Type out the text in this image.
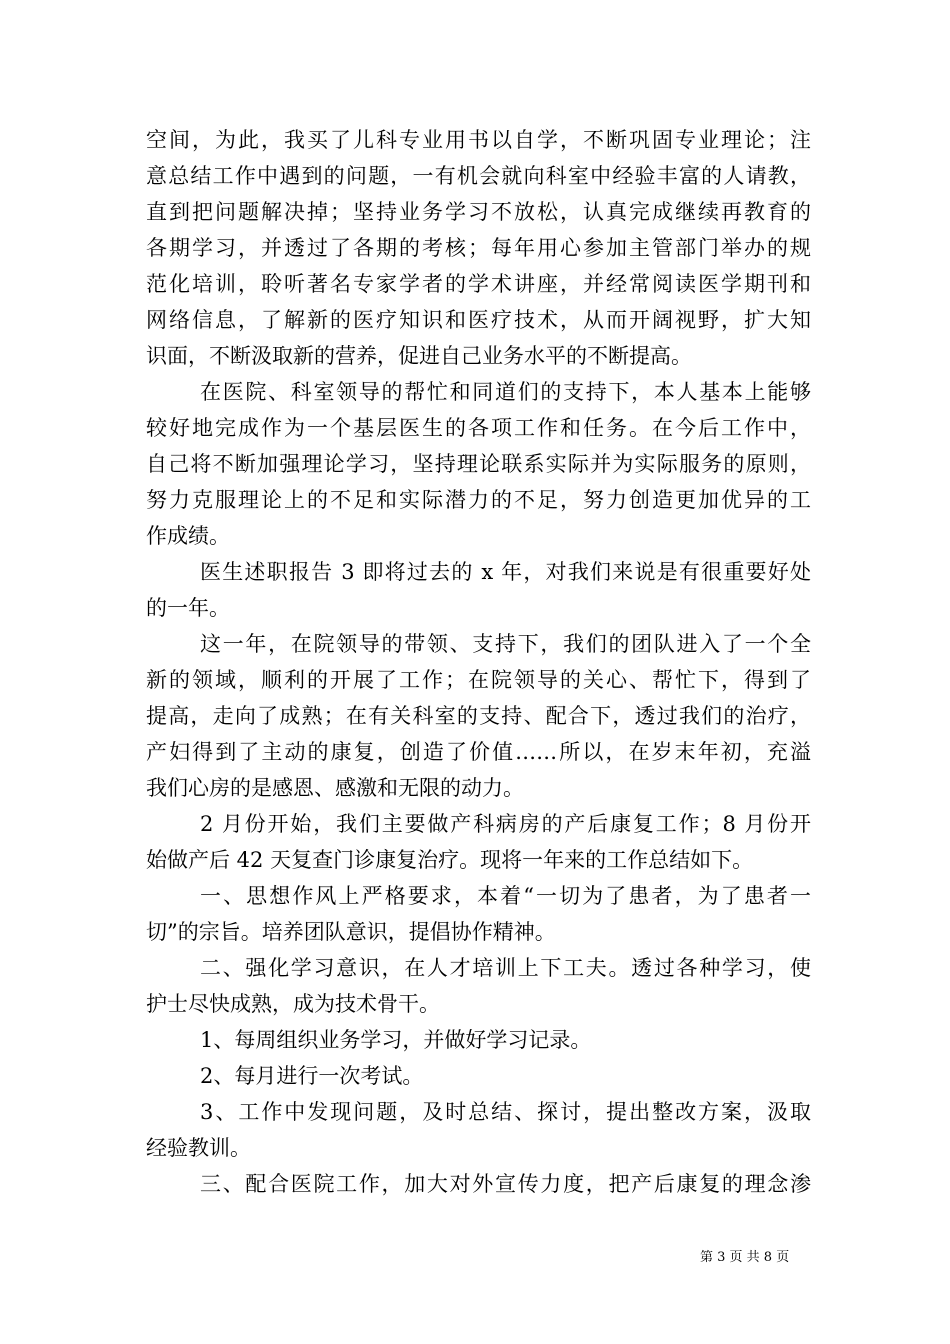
空间，为此，我买了儿科专业用书以自学，不断巩固专业理论；注
意总结工作中遇到的问题，一有机会就向科室中经验丰富的人请教，
直到把问题解决掉；坚持业务学习不放松，认真完成继续再教育的
各期学习，并透过了各期的考核；每年用心参加主管部门举办的规
范化培训，聆听著名专家学者的学术讲座，并经常阅读医学期刊和
网络信息，了解新的医疗知识和医疗技术，从而开阔视野，扩大知
识面，不断汲取新的营养，促进自己业务水平的不断提高。
在医院、科室领导的帮忙和同道们的支持下，本人基本上能够
较好地完成作为一个基层医生的各项工作和任务。在今后工作中，
自己将不断加强理论学习，坚持理论联系实际并为实际服务的原则，
努力克服理论上的不足和实际潜力的不足，努力创造更加优异的工
作成绩。
医生述职报告 3 即将过去的 x 年，对我们来说是有很重要好处
的一年。
这一年，在院领导的带领、支持下，我们的团队进入了一个全
新的领域，顺利的开展了工作；在院领导的关心、帮忙下，得到了
提高，走向了成熟；在有关科室的支持、配合下，透过我们的治疗，
产妇得到了主动的康复，创造了价值……所以，在岁末年初，充溢
我们心房的是感恩、感激和无限的动力。
2 月份开始，我们主要做产科病房的产后康复工作；8 月份开
始做产后 42 天复查门诊康复治疗。现将一年来的工作总结如下。
一、思想作风上严格要求，本着“一切为了患者，为了患者一
切”的宗旨。培养团队意识，提倡协作精神。
二、强化学习意识，在人才培训上下工夫。透过各种学习，使
护士尽快成熟，成为技术骨干。
1、每周组织业务学习，并做好学习记录。
2、每月进行一次考试。
3、工作中发现问题，及时总结、探讨，提出整改方案，汲取
经验教训。
三、配合医院工作，加大对外宣传力度，把产后康复的理念渗
第 3 页 共 8 页
